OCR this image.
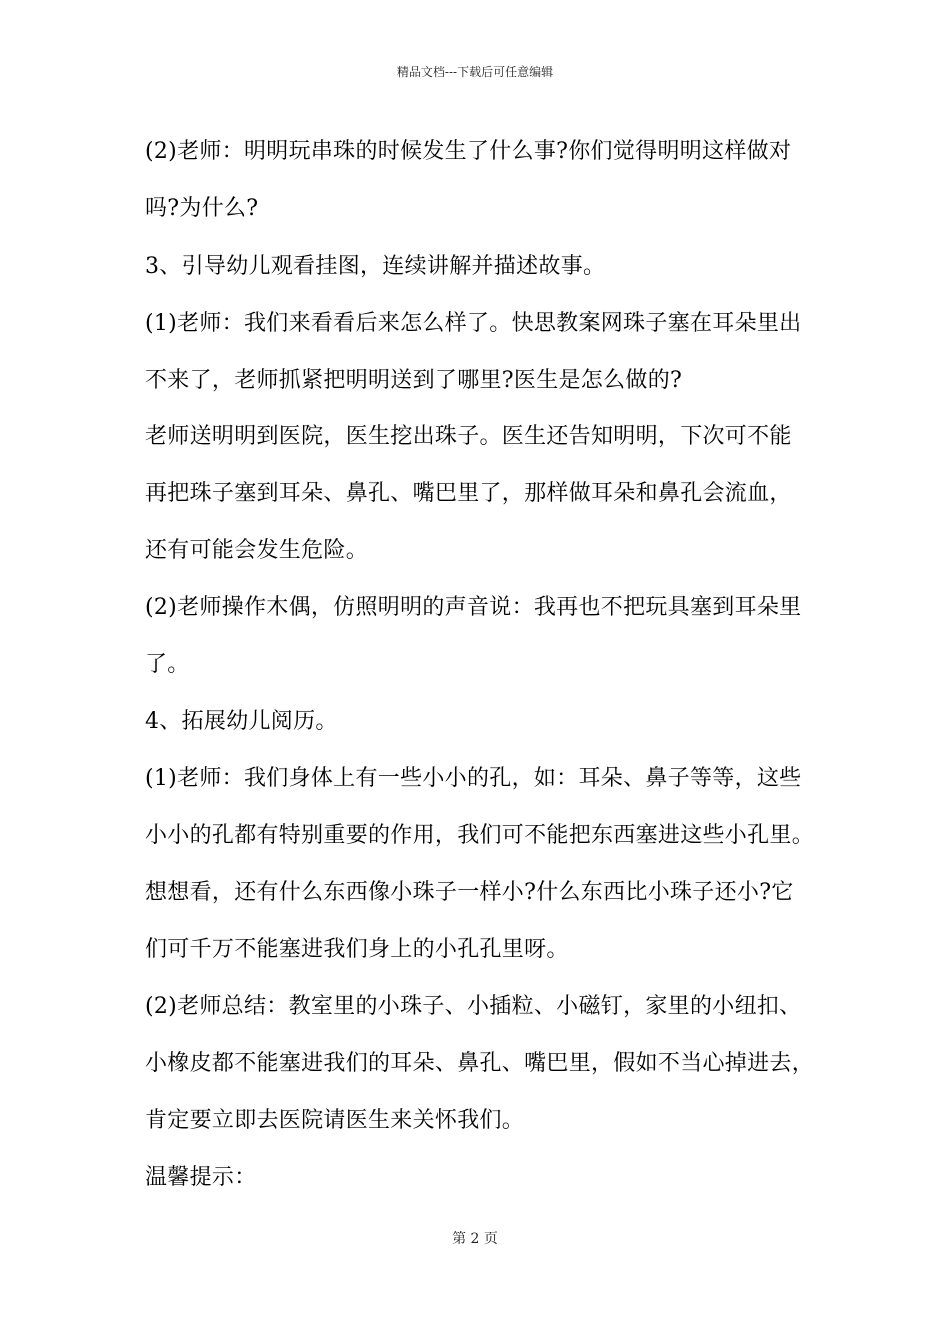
精品文档---下载后可任意编辑
(2)老师：明明玩串珠的时候发生了什么事?你们觉得明明这样做对
吗?为什么?
3、引导幼儿观看挂图，连续讲解并描述故事。
(1)老师：我们来看看后来怎么样了。快思教案网珠子塞在耳朵里出
不来了，老师抓紧把明明送到了哪里?医生是怎么做的?
老师送明明到医院，医生挖出珠子。医生还告知明明，下次可不能
再把珠子塞到耳朵、鼻孔、嘴巴里了，那样做耳朵和鼻孔会流血，
还有可能会发生危险。
(2)老师操作木偶，仿照明明的声音说：我再也不把玩具塞到耳朵里
了。
4、拓展幼儿阅历。
(1)老师：我们身体上有一些小小的孔，如：耳朵、鼻子等等，这些
小小的孔都有特别重要的作用，我们可不能把东西塞进这些小孔里。
想想看，还有什么东西像小珠子一样小?什么东西比小珠子还小?它
们可千万不能塞进我们身上的小孔孔里呀。
(2)老师总结：教室里的小珠子、小插粒、小磁钉，家里的小纽扣、
小橡皮都不能塞进我们的耳朵、鼻孔、嘴巴里，假如不当心掉进去，
肯定要立即去医院请医生来关怀我们。
温馨提示：
第 2 页
